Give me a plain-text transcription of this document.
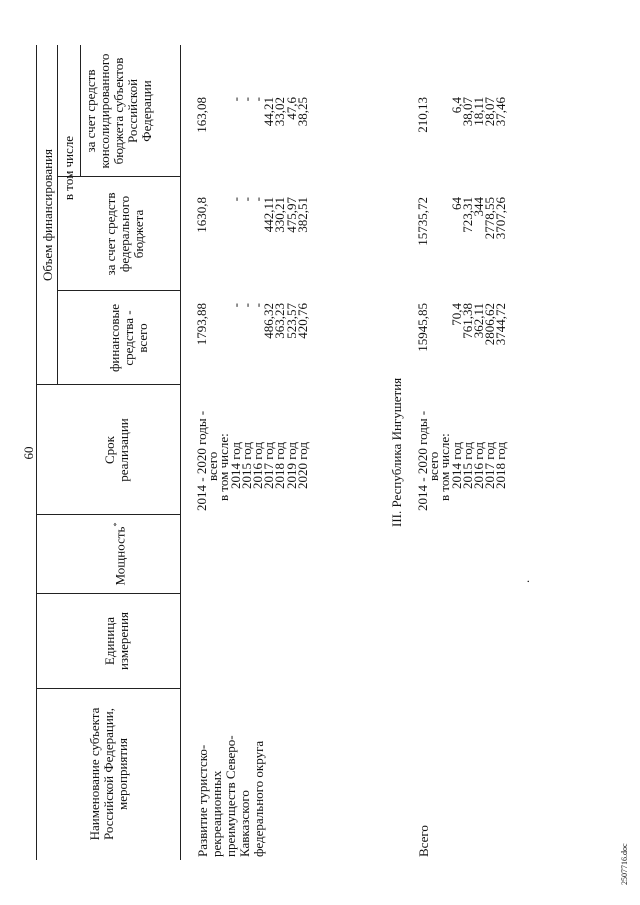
60
Наименование субъекта Российской Федерации, мероприятия
Единица измерения
Мощность*
Срок реализации
Объем финансирования
финансовые средства - всего
в том числе
за счет средств федерального бюджета
за счет средств консолидированного бюджета субъектов Российской Федерации
Развитие туристско- рекреационных преимуществ Северо- Кавказского федерального округа
2014 - 2020 годы -
1793,88
1630,8
163,08
всего
в том числе:
2014 год
-
-
-
2015 год
-
-
-
2016 год
-
-
-
2017 год
486,32
442,11
44,21
2018 год
363,23
330,21
33,02
2019 год
523,57
475,97
47,6
2020 год
420,76
382,51
38,25
III. Республика Ингушетия
Всего
2014 - 2020 годы -
15945,85
15735,72
210,13
всего
в том числе:
2014 год
70,4
64
6,4
2015 год
761,38
723,31
38,07
2016 год
362,11
344
18,11
2017 год
2806,62
2778,55
28,07
2018 год
3744,72
3707,26
37,46
.
2507716.doc
